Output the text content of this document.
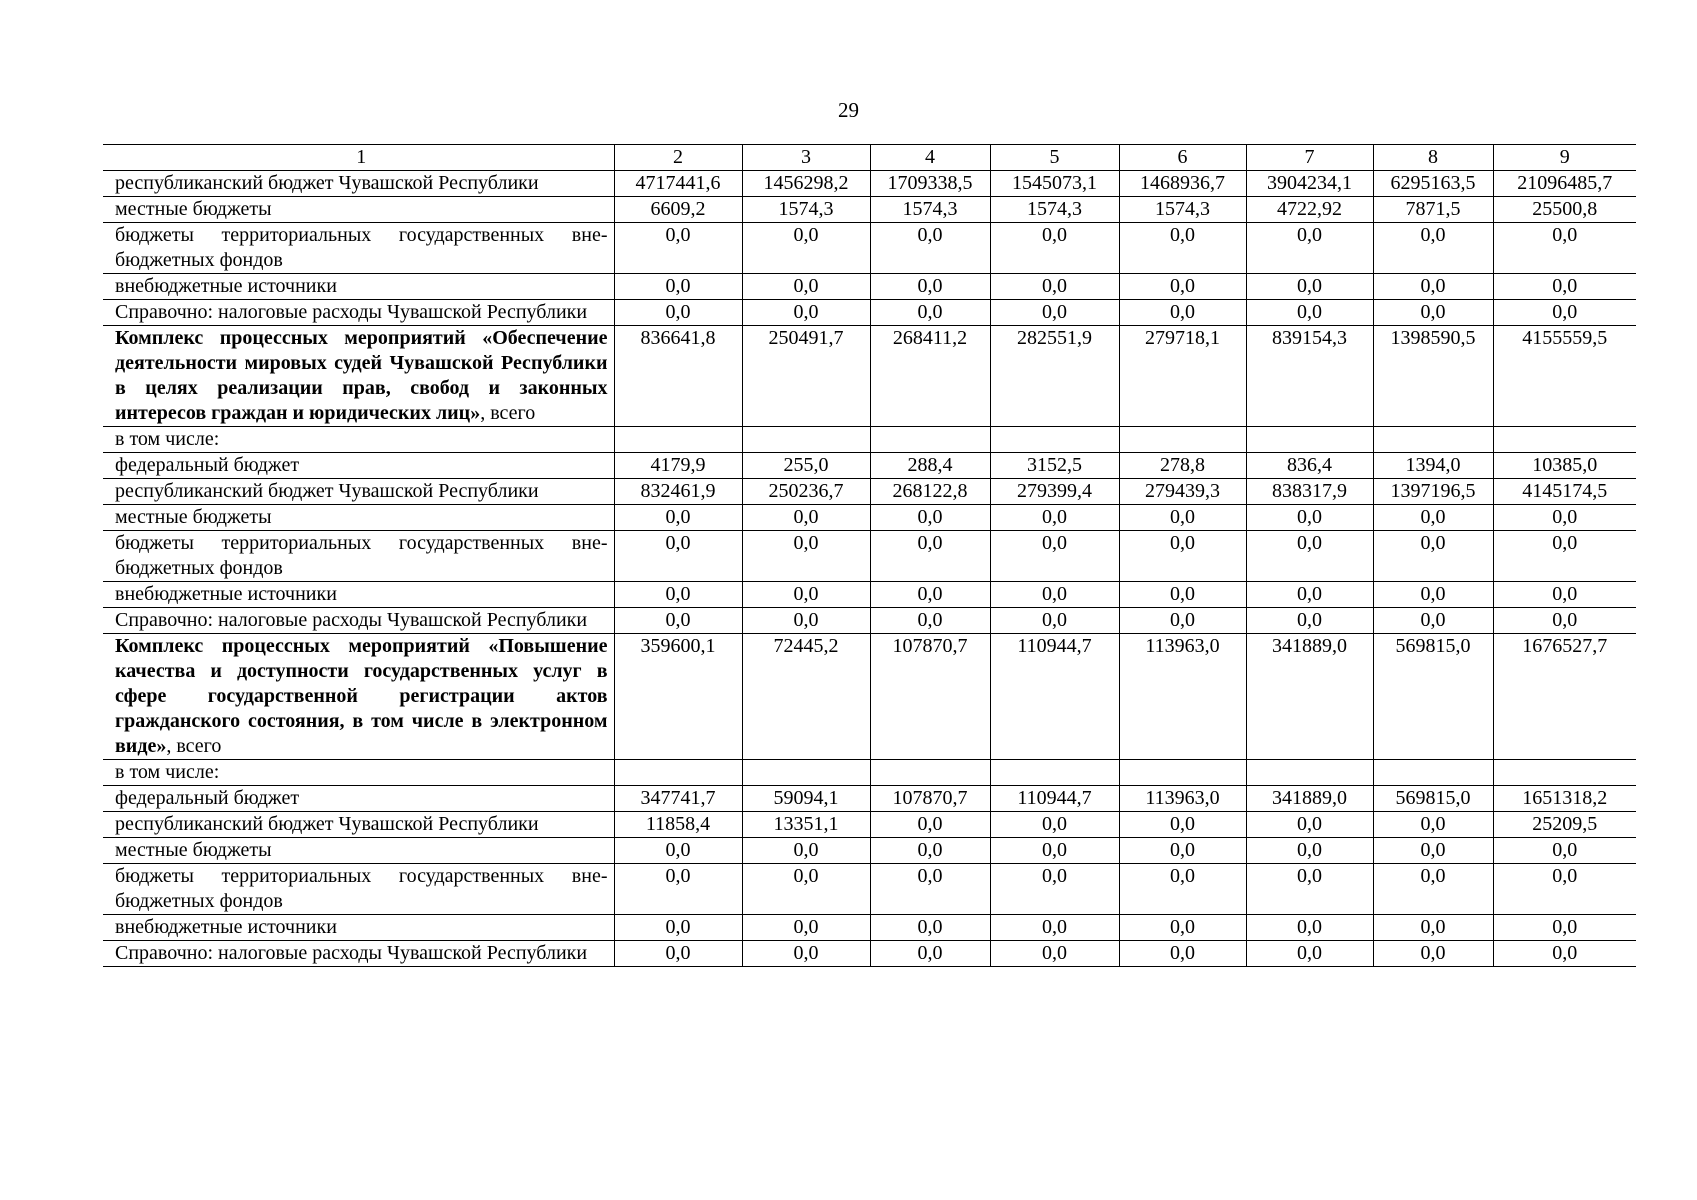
29
1	2	3	4	5	6	7	8	9
республиканский бюджет Чувашской Республики	4717441,6	1456298,2	1709338,5	1545073,1	1468936,7	3904234,1	6295163,5	21096485,7
местные бюджеты	6609,2	1574,3	1574,3	1574,3	1574,3	4722,92	7871,5	25500,8
бюджеты территориальных государственных внебюджетных фондов	0,0	0,0	0,0	0,0	0,0	0,0	0,0	0,0
внебюджетные источники	0,0	0,0	0,0	0,0	0,0	0,0	0,0	0,0
Справочно: налоговые расходы Чувашской Республики	0,0	0,0	0,0	0,0	0,0	0,0	0,0	0,0
Комплекс процессных мероприятий «Обеспечение деятельности мировых судей Чувашской Республики в целях реализации прав, свобод и законных интересов граждан и юридических лиц», всего	836641,8	250491,7	268411,2	282551,9	279718,1	839154,3	1398590,5	4155559,5
в том числе:								
федеральный бюджет	4179,9	255,0	288,4	3152,5	278,8	836,4	1394,0	10385,0
республиканский бюджет Чувашской Республики	832461,9	250236,7	268122,8	279399,4	279439,3	838317,9	1397196,5	4145174,5
местные бюджеты	0,0	0,0	0,0	0,0	0,0	0,0	0,0	0,0
бюджеты территориальных государственных внебюджетных фондов	0,0	0,0	0,0	0,0	0,0	0,0	0,0	0,0
внебюджетные источники	0,0	0,0	0,0	0,0	0,0	0,0	0,0	0,0
Справочно: налоговые расходы Чувашской Республики	0,0	0,0	0,0	0,0	0,0	0,0	0,0	0,0
Комплекс процессных мероприятий «Повышение качества и доступности государственных услуг в сфере государственной регистрации актов гражданского состояния, в том числе в электронном виде», всего	359600,1	72445,2	107870,7	110944,7	113963,0	341889,0	569815,0	1676527,7
в том числе:								
федеральный бюджет	347741,7	59094,1	107870,7	110944,7	113963,0	341889,0	569815,0	1651318,2
республиканский бюджет Чувашской Республики	11858,4	13351,1	0,0	0,0	0,0	0,0	0,0	25209,5
местные бюджеты	0,0	0,0	0,0	0,0	0,0	0,0	0,0	0,0
бюджеты территориальных государственных внебюджетных фондов	0,0	0,0	0,0	0,0	0,0	0,0	0,0	0,0
внебюджетные источники	0,0	0,0	0,0	0,0	0,0	0,0	0,0	0,0
Справочно: налоговые расходы Чувашской Республики	0,0	0,0	0,0	0,0	0,0	0,0	0,0	0,0
